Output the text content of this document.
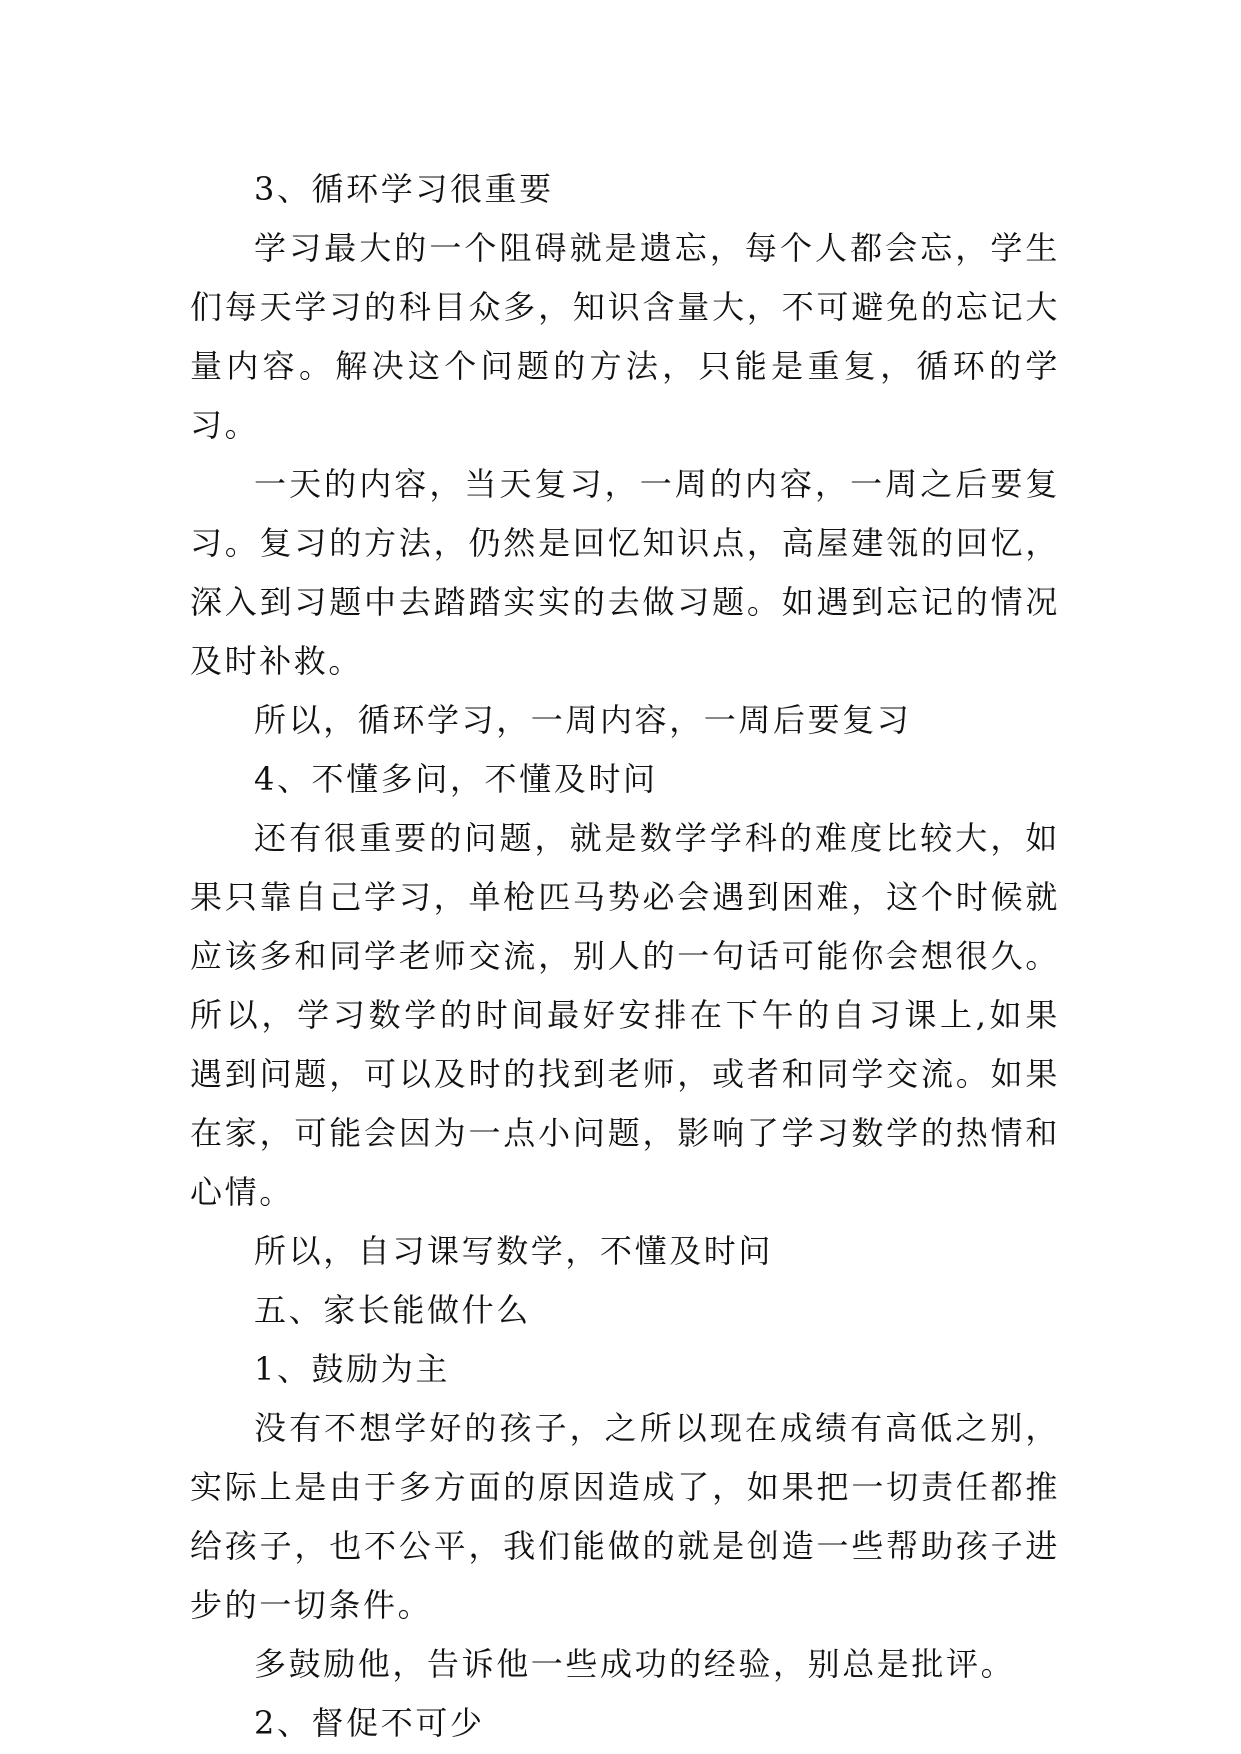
3、循环学习很重要

学习最大的一个阻碍就是遗忘，每个人都会忘，学生们每天学习的科目众多，知识含量大，不可避免的忘记大量内容。解决这个问题的方法，只能是重复，循环的学习。

一天的内容，当天复习，一周的内容，一周之后要复习。复习的方法，仍然是回忆知识点，高屋建瓴的回忆，深入到习题中去踏踏实实的去做习题。如遇到忘记的情况及时补救。

所以，循环学习，一周内容，一周后要复习

4、不懂多问，不懂及时问

还有很重要的问题，就是数学学科的难度比较大，如果只靠自己学习，单枪匹马势必会遇到困难，这个时候就应该多和同学老师交流，别人的一句话可能你会想很久。所以，学习数学的时间最好安排在下午的自习课上,如果遇到问题，可以及时的找到老师，或者和同学交流。如果在家，可能会因为一点小问题，影响了学习数学的热情和心情。

所以，自习课写数学，不懂及时问

五、家长能做什么

1、鼓励为主

没有不想学好的孩子，之所以现在成绩有高低之别，实际上是由于多方面的原因造成了，如果把一切责任都推给孩子，也不公平，我们能做的就是创造一些帮助孩子进步的一切条件。

多鼓励他，告诉他一些成功的经验，别总是批评。

2、督促不可少
